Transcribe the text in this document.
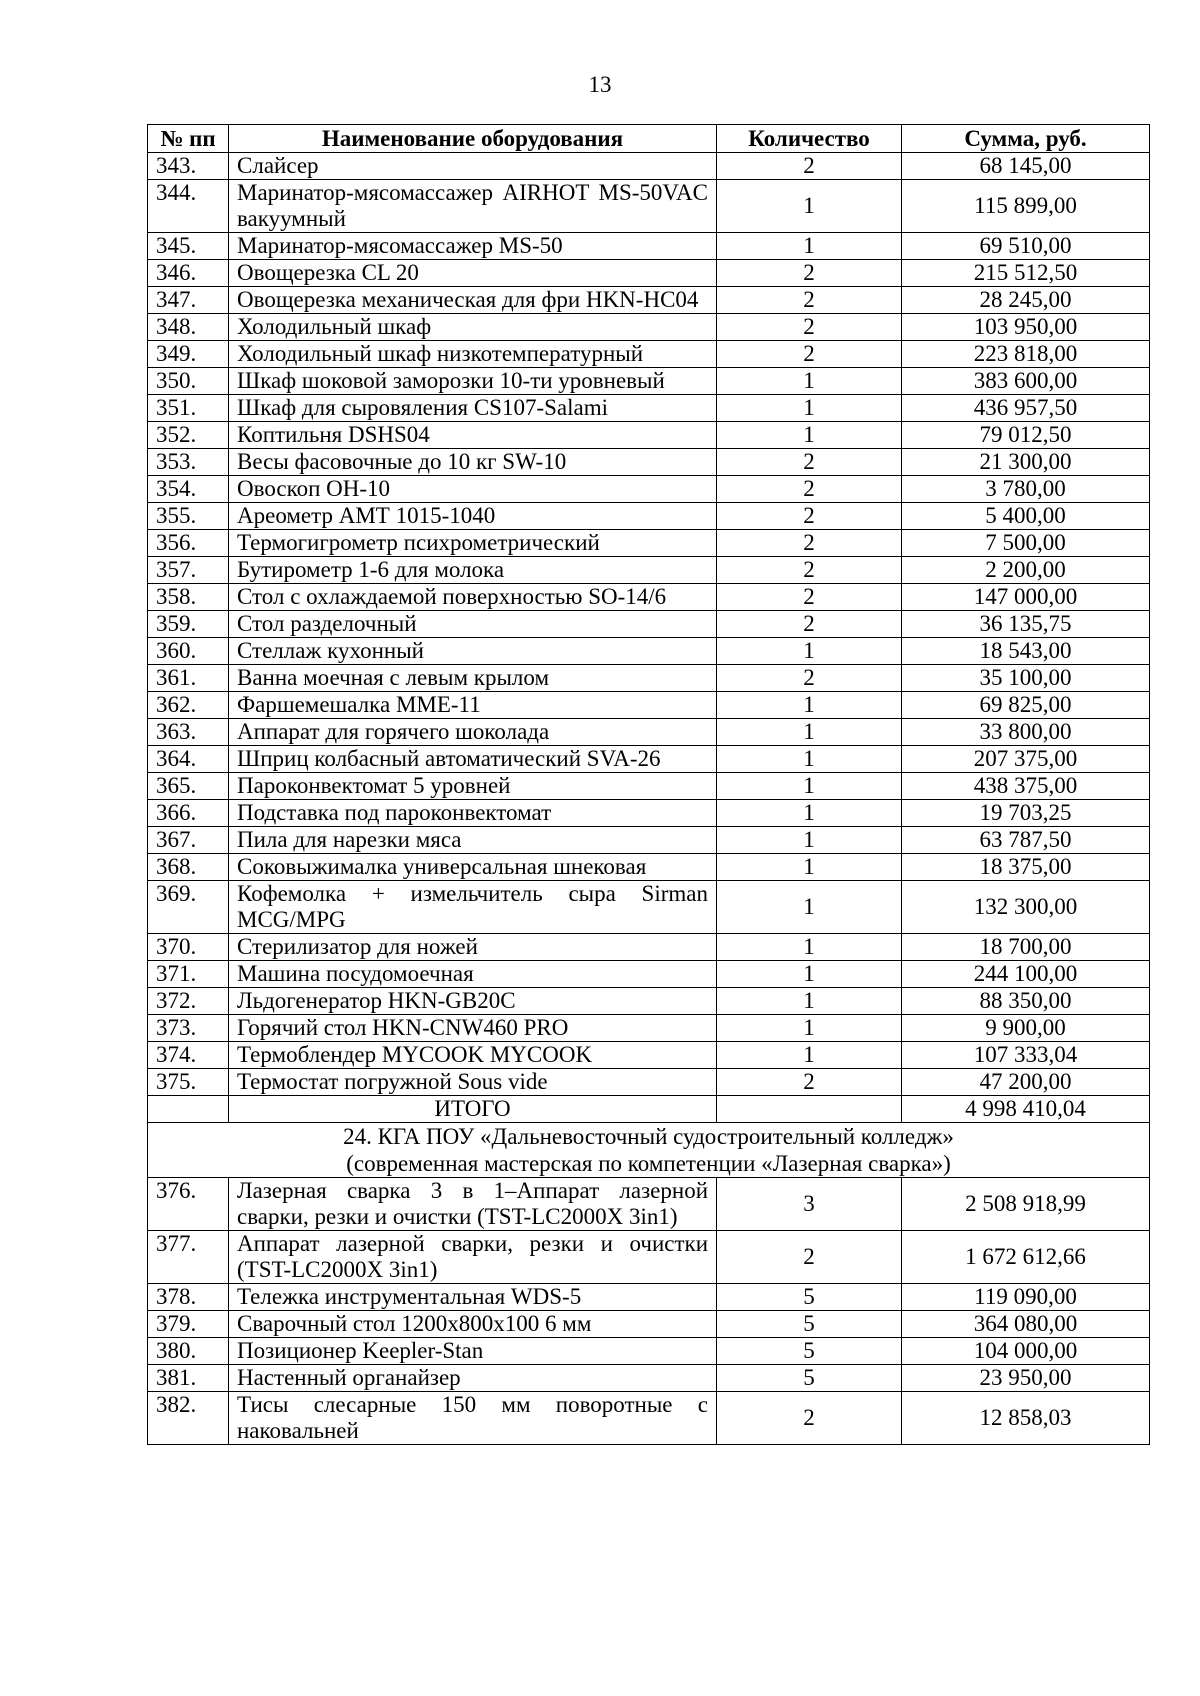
13
№ пп	Наименование оборудования	Количество	Сумма, руб.
343.	Слайсер	2	68 145,00
344.	Маринатор-мясомассажер AIRHOT MS-50VAC вакуумный	1	115 899,00
345.	Маринатор-мясомассажер MS-50	1	69 510,00
346.	Овощерезка CL 20	2	215 512,50
347.	Овощерезка механическая для фри HKN-HC04	2	28 245,00
348.	Холодильный шкаф	2	103 950,00
349.	Холодильный шкаф низкотемпературный	2	223 818,00
350.	Шкаф шоковой заморозки 10-ти уровневый	1	383 600,00
351.	Шкаф для сыровяления CS107-Salami	1	436 957,50
352.	Коптильня DSHS04	1	79 012,50
353.	Весы фасовочные до 10 кг SW-10	2	21 300,00
354.	Овоскоп ОН-10	2	3 780,00
355.	Ареометр АМТ 1015-1040	2	5 400,00
356.	Термогигрометр психрометрический	2	7 500,00
357.	Бутирометр 1-6 для молока	2	2 200,00
358.	Стол с охлаждаемой поверхностью SO-14/6	2	147 000,00
359.	Стол разделочный	2	36 135,75
360.	Стеллаж кухонный	1	18 543,00
361.	Ванна моечная с левым крылом	2	35 100,00
362.	Фаршемешалка MME-11	1	69 825,00
363.	Аппарат для горячего шоколада	1	33 800,00
364.	Шприц колбасный автоматический SVA-26	1	207 375,00
365.	Пароконвектомат 5 уровней	1	438 375,00
366.	Подставка под пароконвектомат	1	19 703,25
367.	Пила для нарезки мяса	1	63 787,50
368.	Соковыжималка универсальная шнековая	1	18 375,00
369.	Кофемолка + измельчитель сыра Sirman MCG/MPG	1	132 300,00
370.	Стерилизатор для ножей	1	18 700,00
371.	Машина посудомоечная	1	244 100,00
372.	Льдогенератор HKN-GB20C	1	88 350,00
373.	Горячий стол HKN-CNW460 PRO	1	9 900,00
374.	Термоблендер MYCOOK MYCOOK	1	107 333,04
375.	Термостат погружной Sous vide	2	47 200,00
	ИТОГО		4 998 410,04

24. КГА ПОУ «Дальневосточный судостроительный колледж»
(современная мастерская по компетенции «Лазерная сварка»)			

376.	Лазерная сварка 3 в 1–Аппарат лазерной сварки, резки и очистки (TST-LC2000X 3in1)	3	2 508 918,99
377.	Аппарат лазерной сварки, резки и очистки (TST-LC2000X 3in1)	2	1 672 612,66
378.	Тележка инструментальная WDS-5	5	119 090,00
379.	Сварочный стол 1200х800х100 6 мм	5	364 080,00
380.	Позиционер Keepler-Stan	5	104 000,00
381.	Настенный органайзер	5	23 950,00
382.	Тисы слесарные 150 мм поворотные с наковальней	2	12 858,03
